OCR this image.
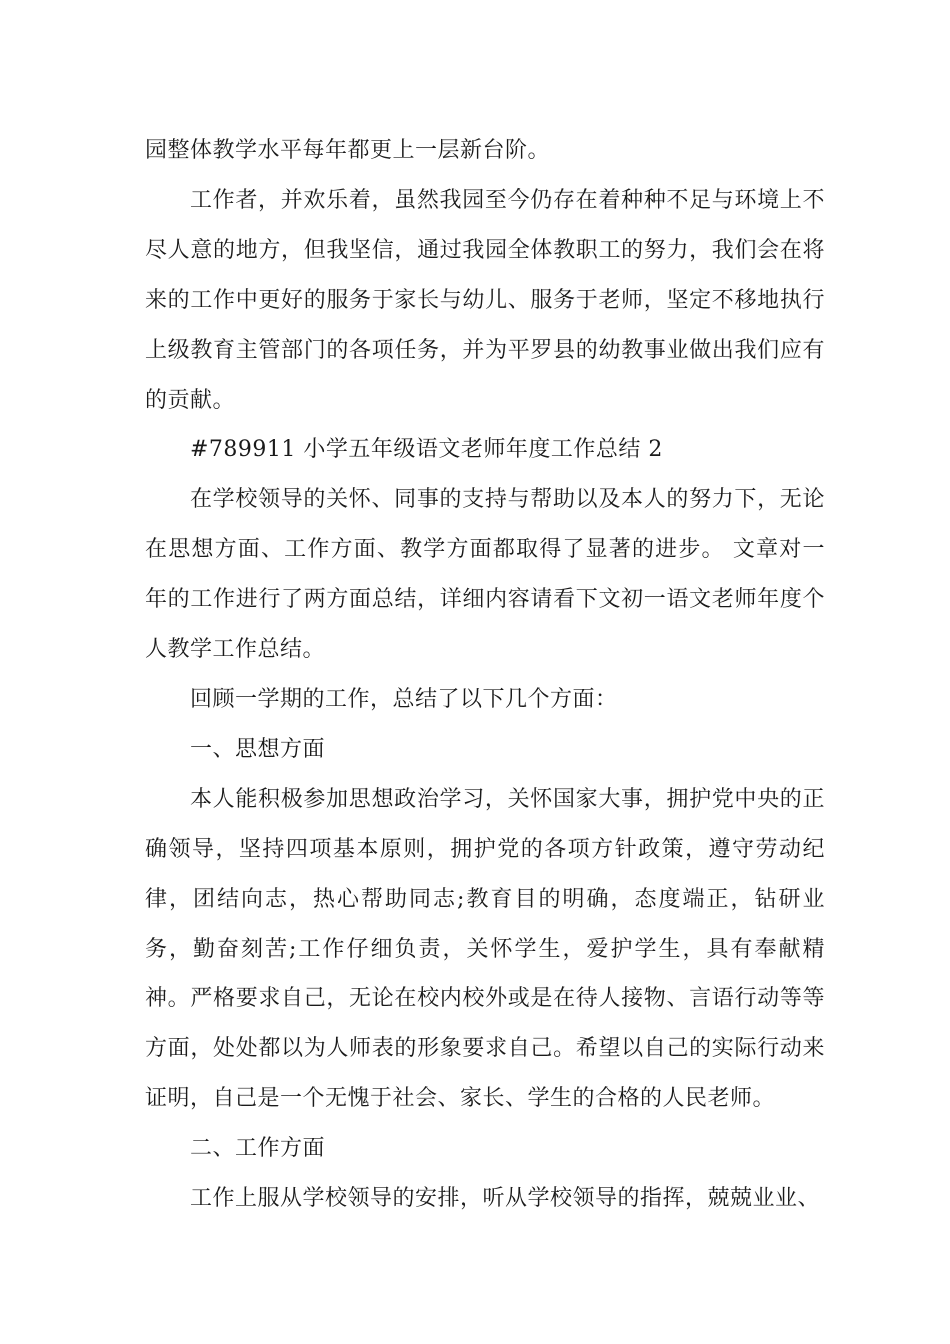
园整体教学水平每年都更上一层新台阶。

工作者，并欢乐着，虽然我园至今仍存在着种种不足与环境上不尽人意的地方，但我坚信，通过我园全体教职工的努力，我们会在将来的工作中更好的服务于家长与幼儿、服务于老师，坚定不移地执行上级教育主管部门的各项任务，并为平罗县的幼教事业做出我们应有的贡献。

#789911 小学五年级语文老师年度工作总结 2

在学校领导的关怀、同事的支持与帮助以及本人的努力下，无论在思想方面、工作方面、教学方面都取得了显著的进步。 文章对一年的工作进行了两方面总结，详细内容请看下文初一语文老师年度个人教学工作总结。

回顾一学期的工作，总结了以下几个方面：

一、思想方面

本人能积极参加思想政治学习，关怀国家大事，拥护党中央的正确领导，坚持四项基本原则，拥护党的各项方针政策，遵守劳动纪律，团结向志，热心帮助同志;教育目的明确，态度端正，钻研业务，勤奋刻苦;工作仔细负责，关怀学生，爱护学生，具有奉献精神。严格要求自己，无论在校内校外或是在待人接物、言语行动等等方面，处处都以为人师表的形象要求自己。希望以自己的实际行动来证明，自己是一个无愧于社会、家长、学生的合格的人民老师。

二、工作方面

工作上服从学校领导的安排，听从学校领导的指挥，兢兢业业、
